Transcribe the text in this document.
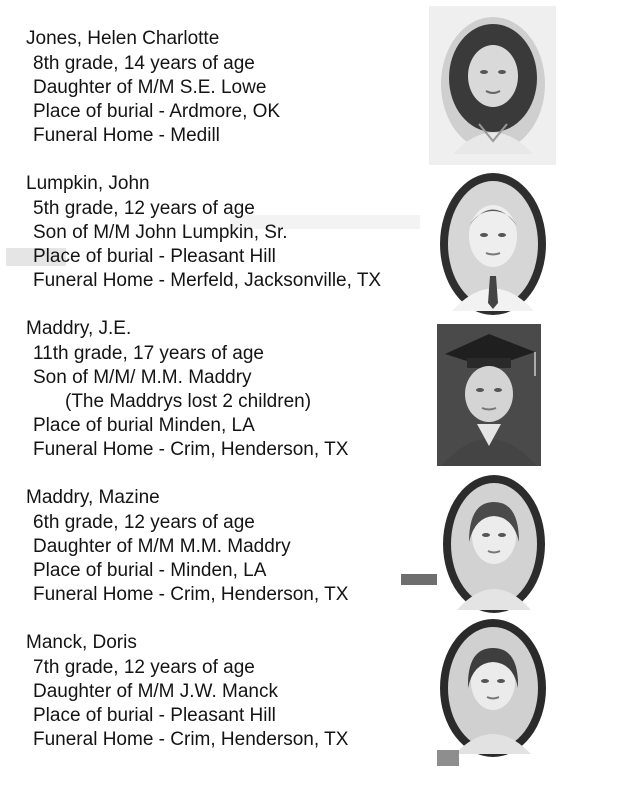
Jones, Helen Charlotte
8th grade, 14 years of age
Daughter of M/M S.E. Lowe
Place of burial - Ardmore, OK
Funeral Home - Medill
Lumpkin, John
5th grade, 12 years of age
Son of M/M John Lumpkin, Sr.
Place of burial - Pleasant Hill
Funeral Home - Merfeld, Jacksonville, TX
Maddry, J.E.
11th grade, 17 years of age
Son of M/M/ M.M. Maddry
(The Maddrys lost 2 children)
Place of burial Minden, LA
Funeral Home - Crim, Henderson, TX
Maddry, Mazine
6th grade, 12 years of age
Daughter of M/M M.M. Maddry
Place of burial - Minden, LA
Funeral Home - Crim, Henderson, TX
Manck, Doris
7th grade, 12 years of age
Daughter of M/M J.W. Manck
Place of burial - Pleasant Hill
Funeral Home - Crim, Henderson, TX
